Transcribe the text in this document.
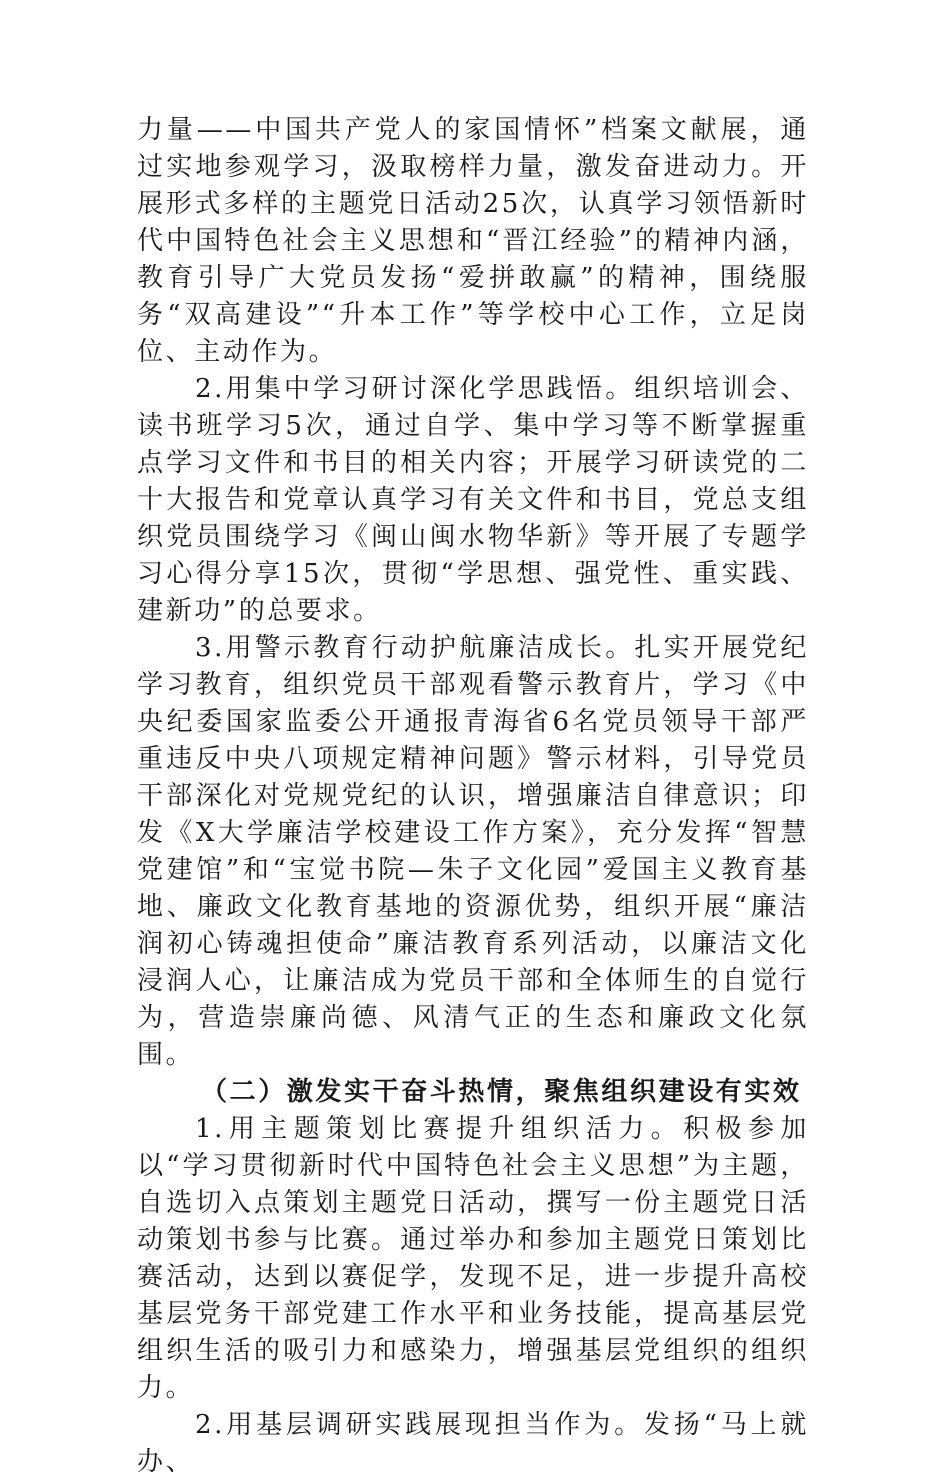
力量——中国共产党人的家国情怀”档案文献展，通过实地参观学习，汲取榜样力量，激发奋进动力。开展形式多样的主题党日活动25次，认真学习领悟新时代中国特色社会主义思想和“晋江经验”的精神内涵，教育引导广大党员发扬“爱拼敢赢”的精神，围绕服务“双高建设”“升本工作”等学校中心工作，立足岗位、主动作为。

2.用集中学习研讨深化学思践悟。组织培训会、读书班学习5次，通过自学、集中学习等不断掌握重点学习文件和书目的相关内容；开展学习研读党的二十大报告和党章认真学习有关文件和书目，党总支组织党员围绕学习《闽山闽水物华新》等开展了专题学习心得分享15次，贯彻“学思想、强党性、重实践、建新功”的总要求。

3.用警示教育行动护航廉洁成长。扎实开展党纪学习教育，组织党员干部观看警示教育片，学习《中央纪委国家监委公开通报青海省6名党员领导干部严重违反中央八项规定精神问题》警示材料，引导党员干部深化对党规党纪的认识，增强廉洁自律意识；印发《X大学廉洁学校建设工作方案》，充分发挥“智慧党建馆”和“宝觉书院—朱子文化园”爱国主义教育基地、廉政文化教育基地的资源优势，组织开展“廉洁润初心铸魂担使命”廉洁教育系列活动，以廉洁文化浸润人心，让廉洁成为党员干部和全体师生的自觉行为，营造崇廉尚德、风清气正的生态和廉政文化氛围。

（二）激发实干奋斗热情，聚焦组织建设有实效

1.用主题策划比赛提升组织活力。积极参加以“学习贯彻新时代中国特色社会主义思想”为主题，自选切入点策划主题党日活动，撰写一份主题党日活动策划书参与比赛。通过举办和参加主题党日策划比赛活动，达到以赛促学，发现不足，进一步提升高校基层党务干部党建工作水平和业务技能，提高基层党组织生活的吸引力和感染力，增强基层党组织的组织力。

2.用基层调研实践展现担当作为。发扬“马上就办、
